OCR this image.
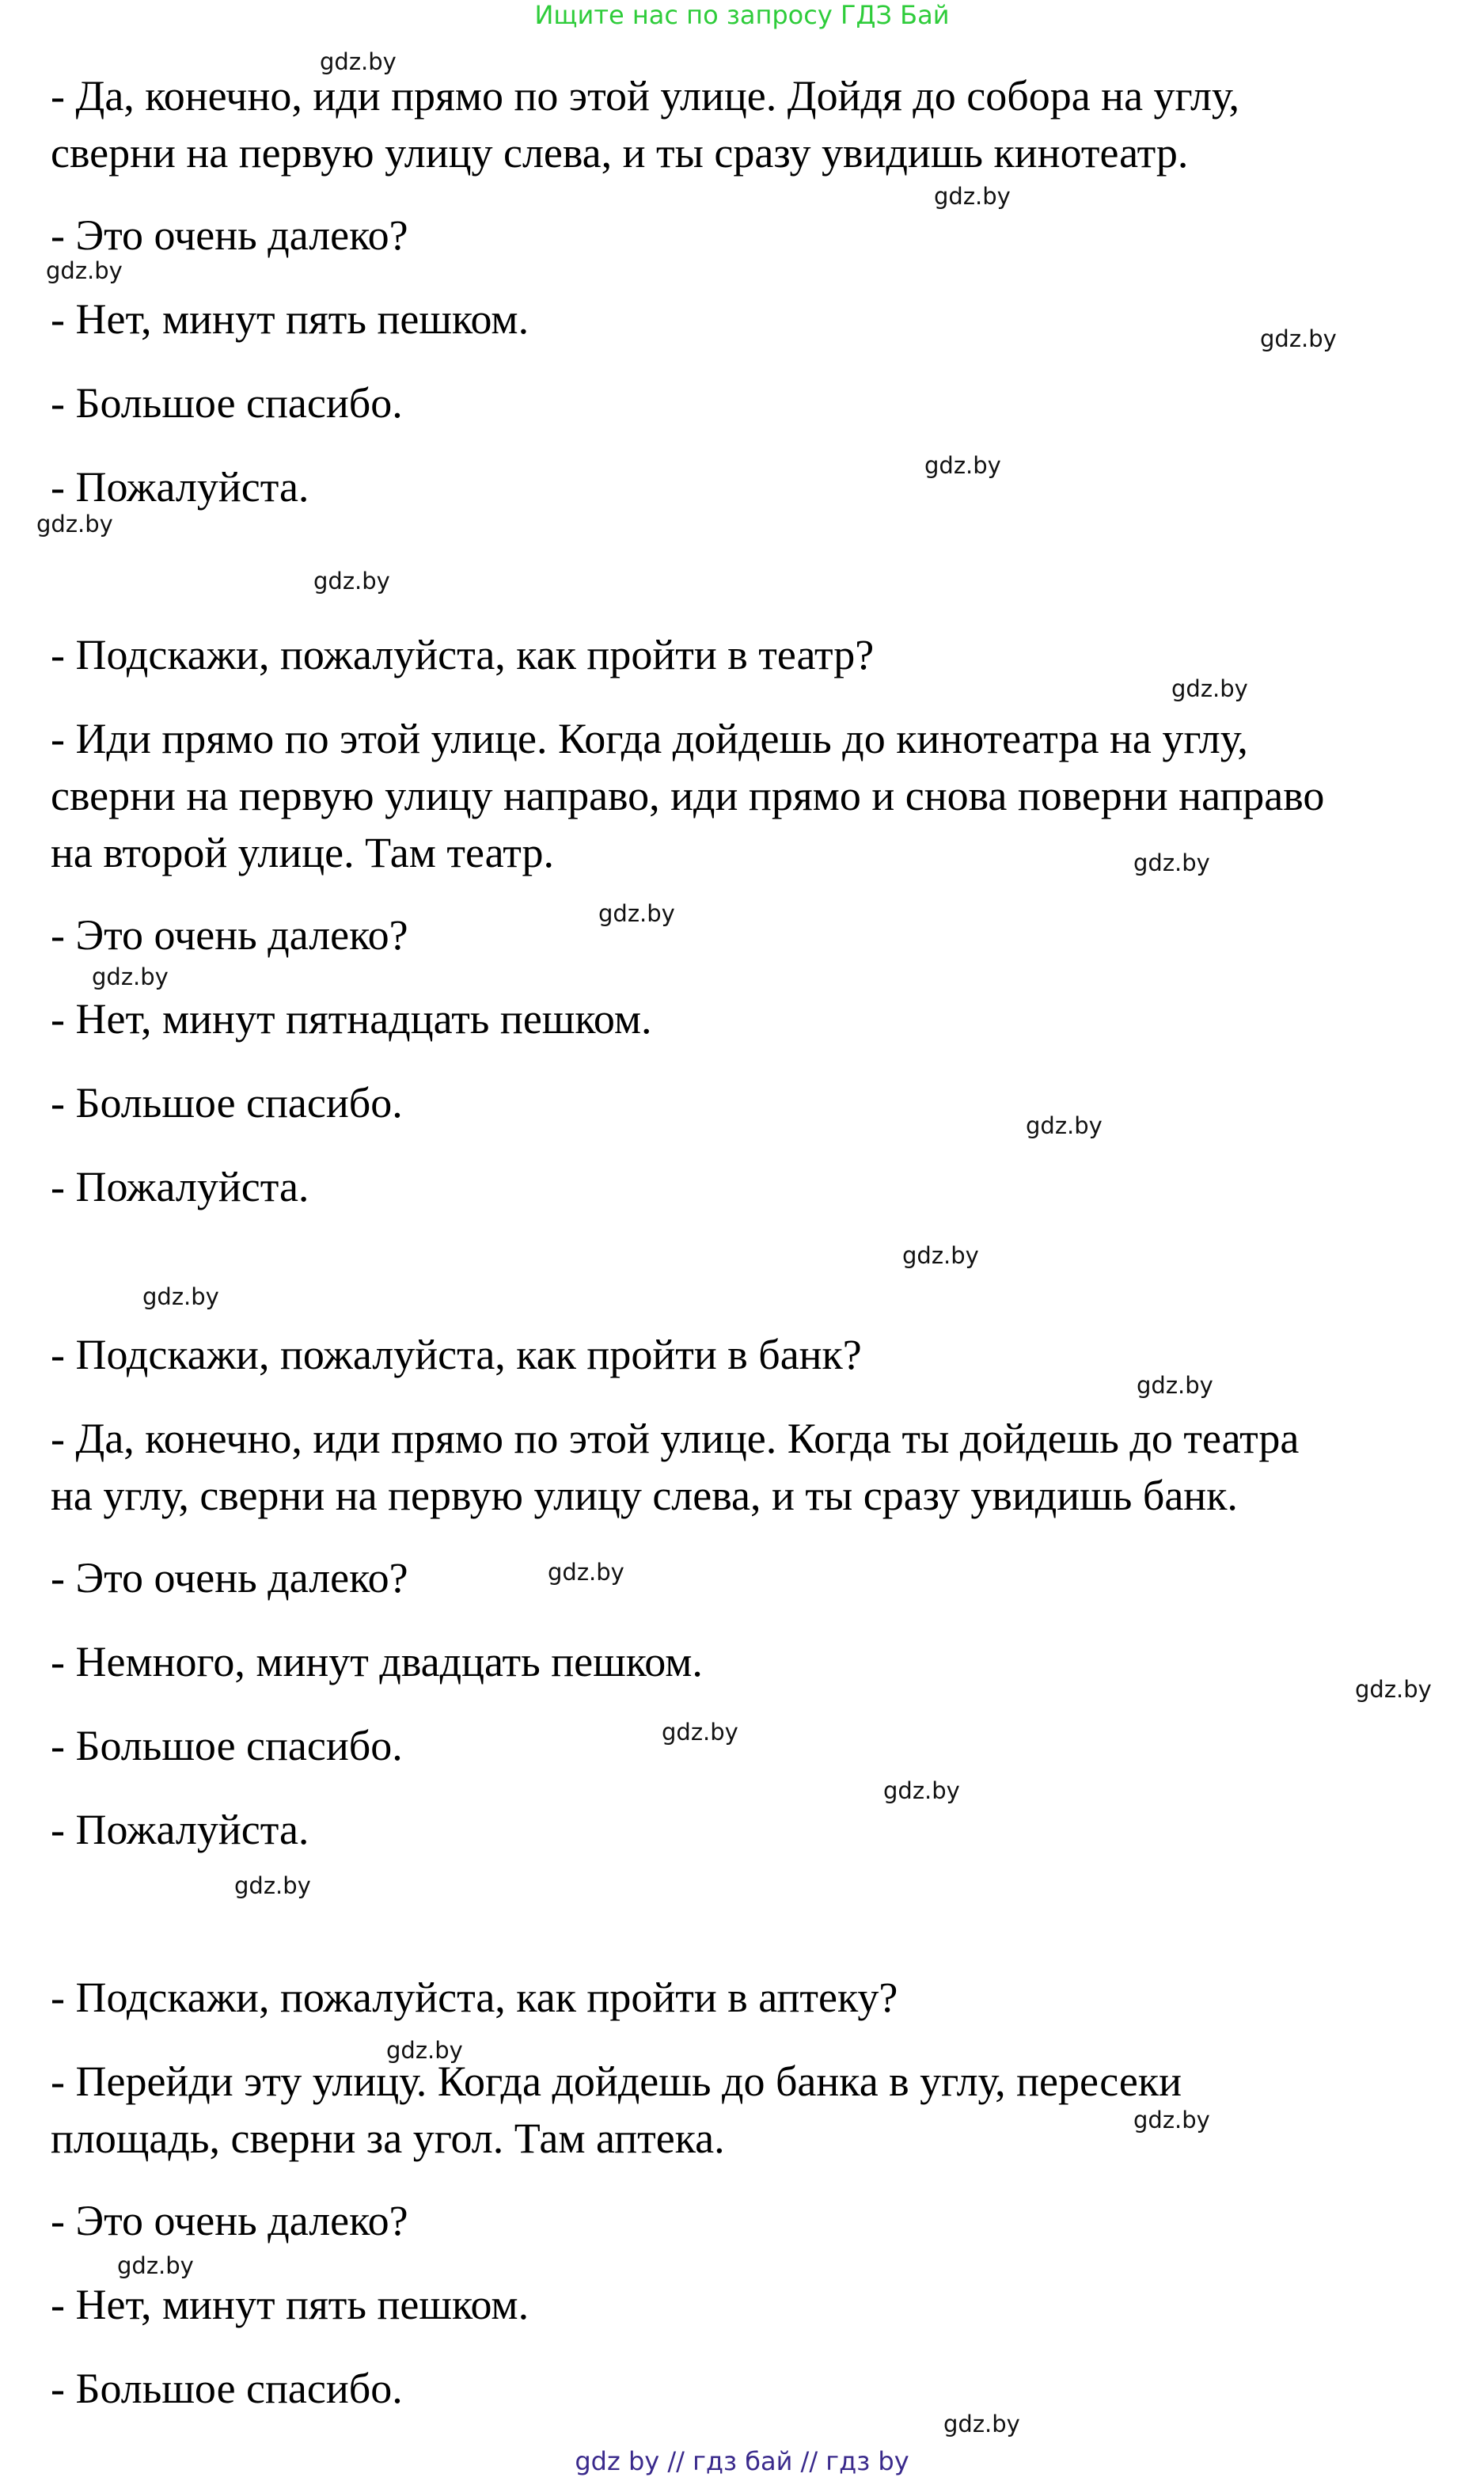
Ищите нас по запросу ГДЗ Бай
- Да, конечно, иди прямо по этой улице. Дойдя до собора на углу,
сверни на первую улицу слева, и ты сразу увидишь кинотеатр.
- Это очень далеко?
- Нет, минут пять пешком.
- Большое спасибо.
- Пожалуйста.
- Подскажи, пожалуйста, как пройти в театр?
- Иди прямо по этой улице. Когда дойдешь до кинотеатра на углу,
сверни на первую улицу направо, иди прямо и снова поверни направо
на второй улице. Там театр.
- Это очень далеко?
- Нет, минут пятнадцать пешком.
- Большое спасибо.
- Пожалуйста.
- Подскажи, пожалуйста, как пройти в банк?
- Да, конечно, иди прямо по этой улице. Когда ты дойдешь до театра
на углу, сверни на первую улицу слева, и ты сразу увидишь банк.
- Это очень далеко?
- Немного, минут двадцать пешком.
- Большое спасибо.
- Пожалуйста.
- Подскажи, пожалуйста, как пройти в аптеку?
- Перейди эту улицу. Когда дойдешь до банка в углу, пересеки
площадь, сверни за угол. Там аптека.
- Это очень далеко?
- Нет, минут пять пешком.
- Большое спасибо.
gdz.by
gdz.by
gdz.by
gdz.by
gdz.by
gdz.by
gdz.by
gdz.by
gdz.by
gdz.by
gdz.by
gdz.by
gdz.by
gdz.by
gdz.by
gdz.by
gdz.by
gdz.by
gdz.by
gdz.by
gdz.by
gdz.by
gdz.by
gdz.by
gdz by // гдз бай // гдз by
